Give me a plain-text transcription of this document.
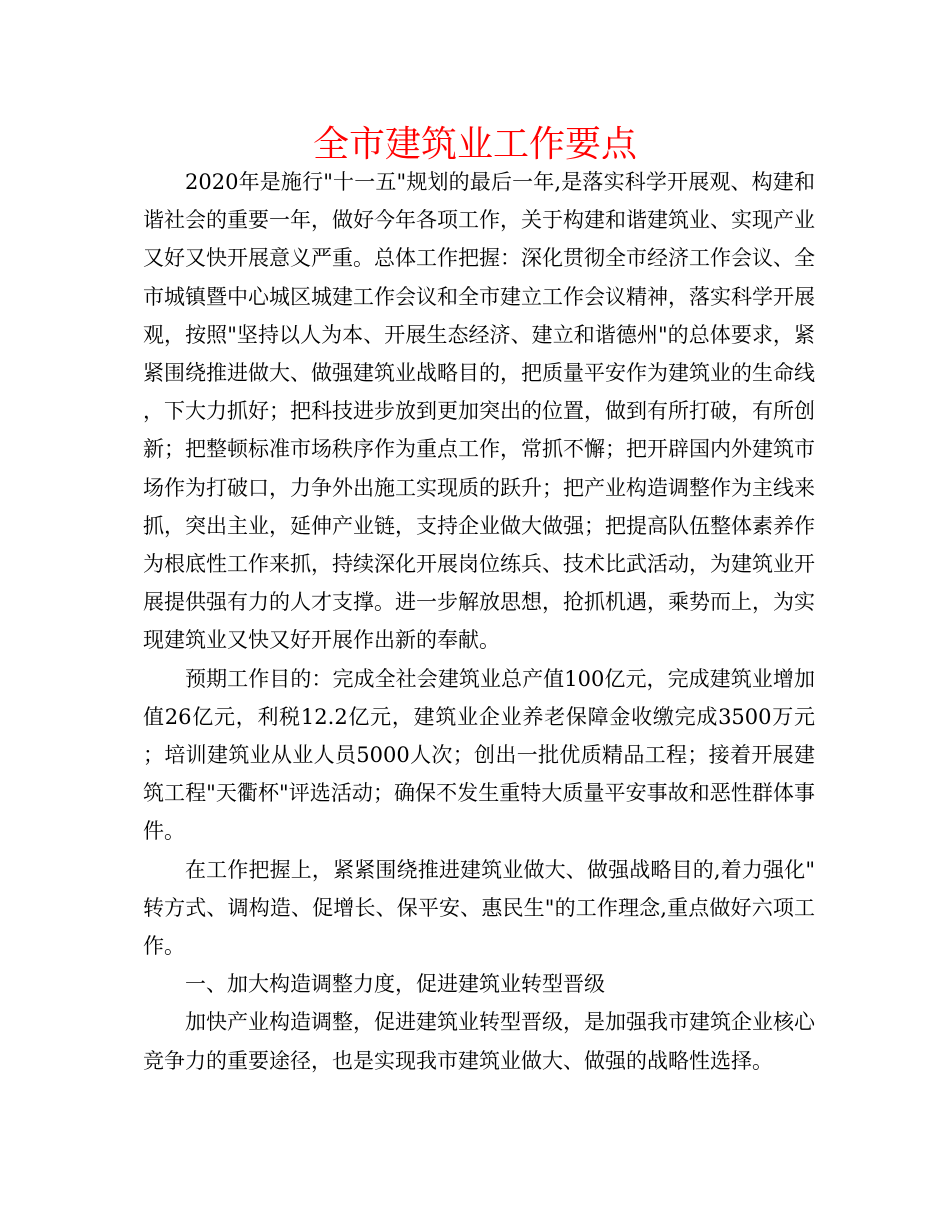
全市建筑业工作要点

2020年是施行"十一五"规划的最后一年,是落实科学开展观、构建和谐社会的重要一年，做好今年各项工作，关于构建和谐建筑业、实现产业又好又快开展意义严重。总体工作把握：深化贯彻全市经济工作会议、全市城镇暨中心城区城建工作会议和全市建立工作会议精神，落实科学开展观，按照"坚持以人为本、开展生态经济、建立和谐德州"的总体要求，紧紧围绕推进做大、做强建筑业战略目的，把质量平安作为建筑业的生命线，下大力抓好；把科技进步放到更加突出的位置，做到有所打破，有所创新；把整顿标准市场秩序作为重点工作，常抓不懈；把开辟国内外建筑市场作为打破口，力争外出施工实现质的跃升；把产业构造调整作为主线来抓，突出主业，延伸产业链，支持企业做大做强；把提高队伍整体素养作为根底性工作来抓，持续深化开展岗位练兵、技术比武活动，为建筑业开展提供强有力的人才支撑。进一步解放思想，抢抓机遇，乘势而上，为实现建筑业又快又好开展作出新的奉献。

预期工作目的：完成全社会建筑业总产值100亿元，完成建筑业增加值26亿元，利税12.2亿元，建筑业企业养老保障金收缴完成3500万元；培训建筑业从业人员5000人次；创出一批优质精品工程；接着开展建筑工程"天衢杯"评选活动；确保不发生重特大质量平安事故和恶性群体事件。

在工作把握上，紧紧围绕推进建筑业做大、做强战略目的,着力强化"转方式、调构造、促增长、保平安、惠民生"的工作理念,重点做好六项工作。

一、加大构造调整力度，促进建筑业转型晋级

加快产业构造调整，促进建筑业转型晋级，是加强我市建筑企业核心竞争力的重要途径，也是实现我市建筑业做大、做强的战略性选择。
